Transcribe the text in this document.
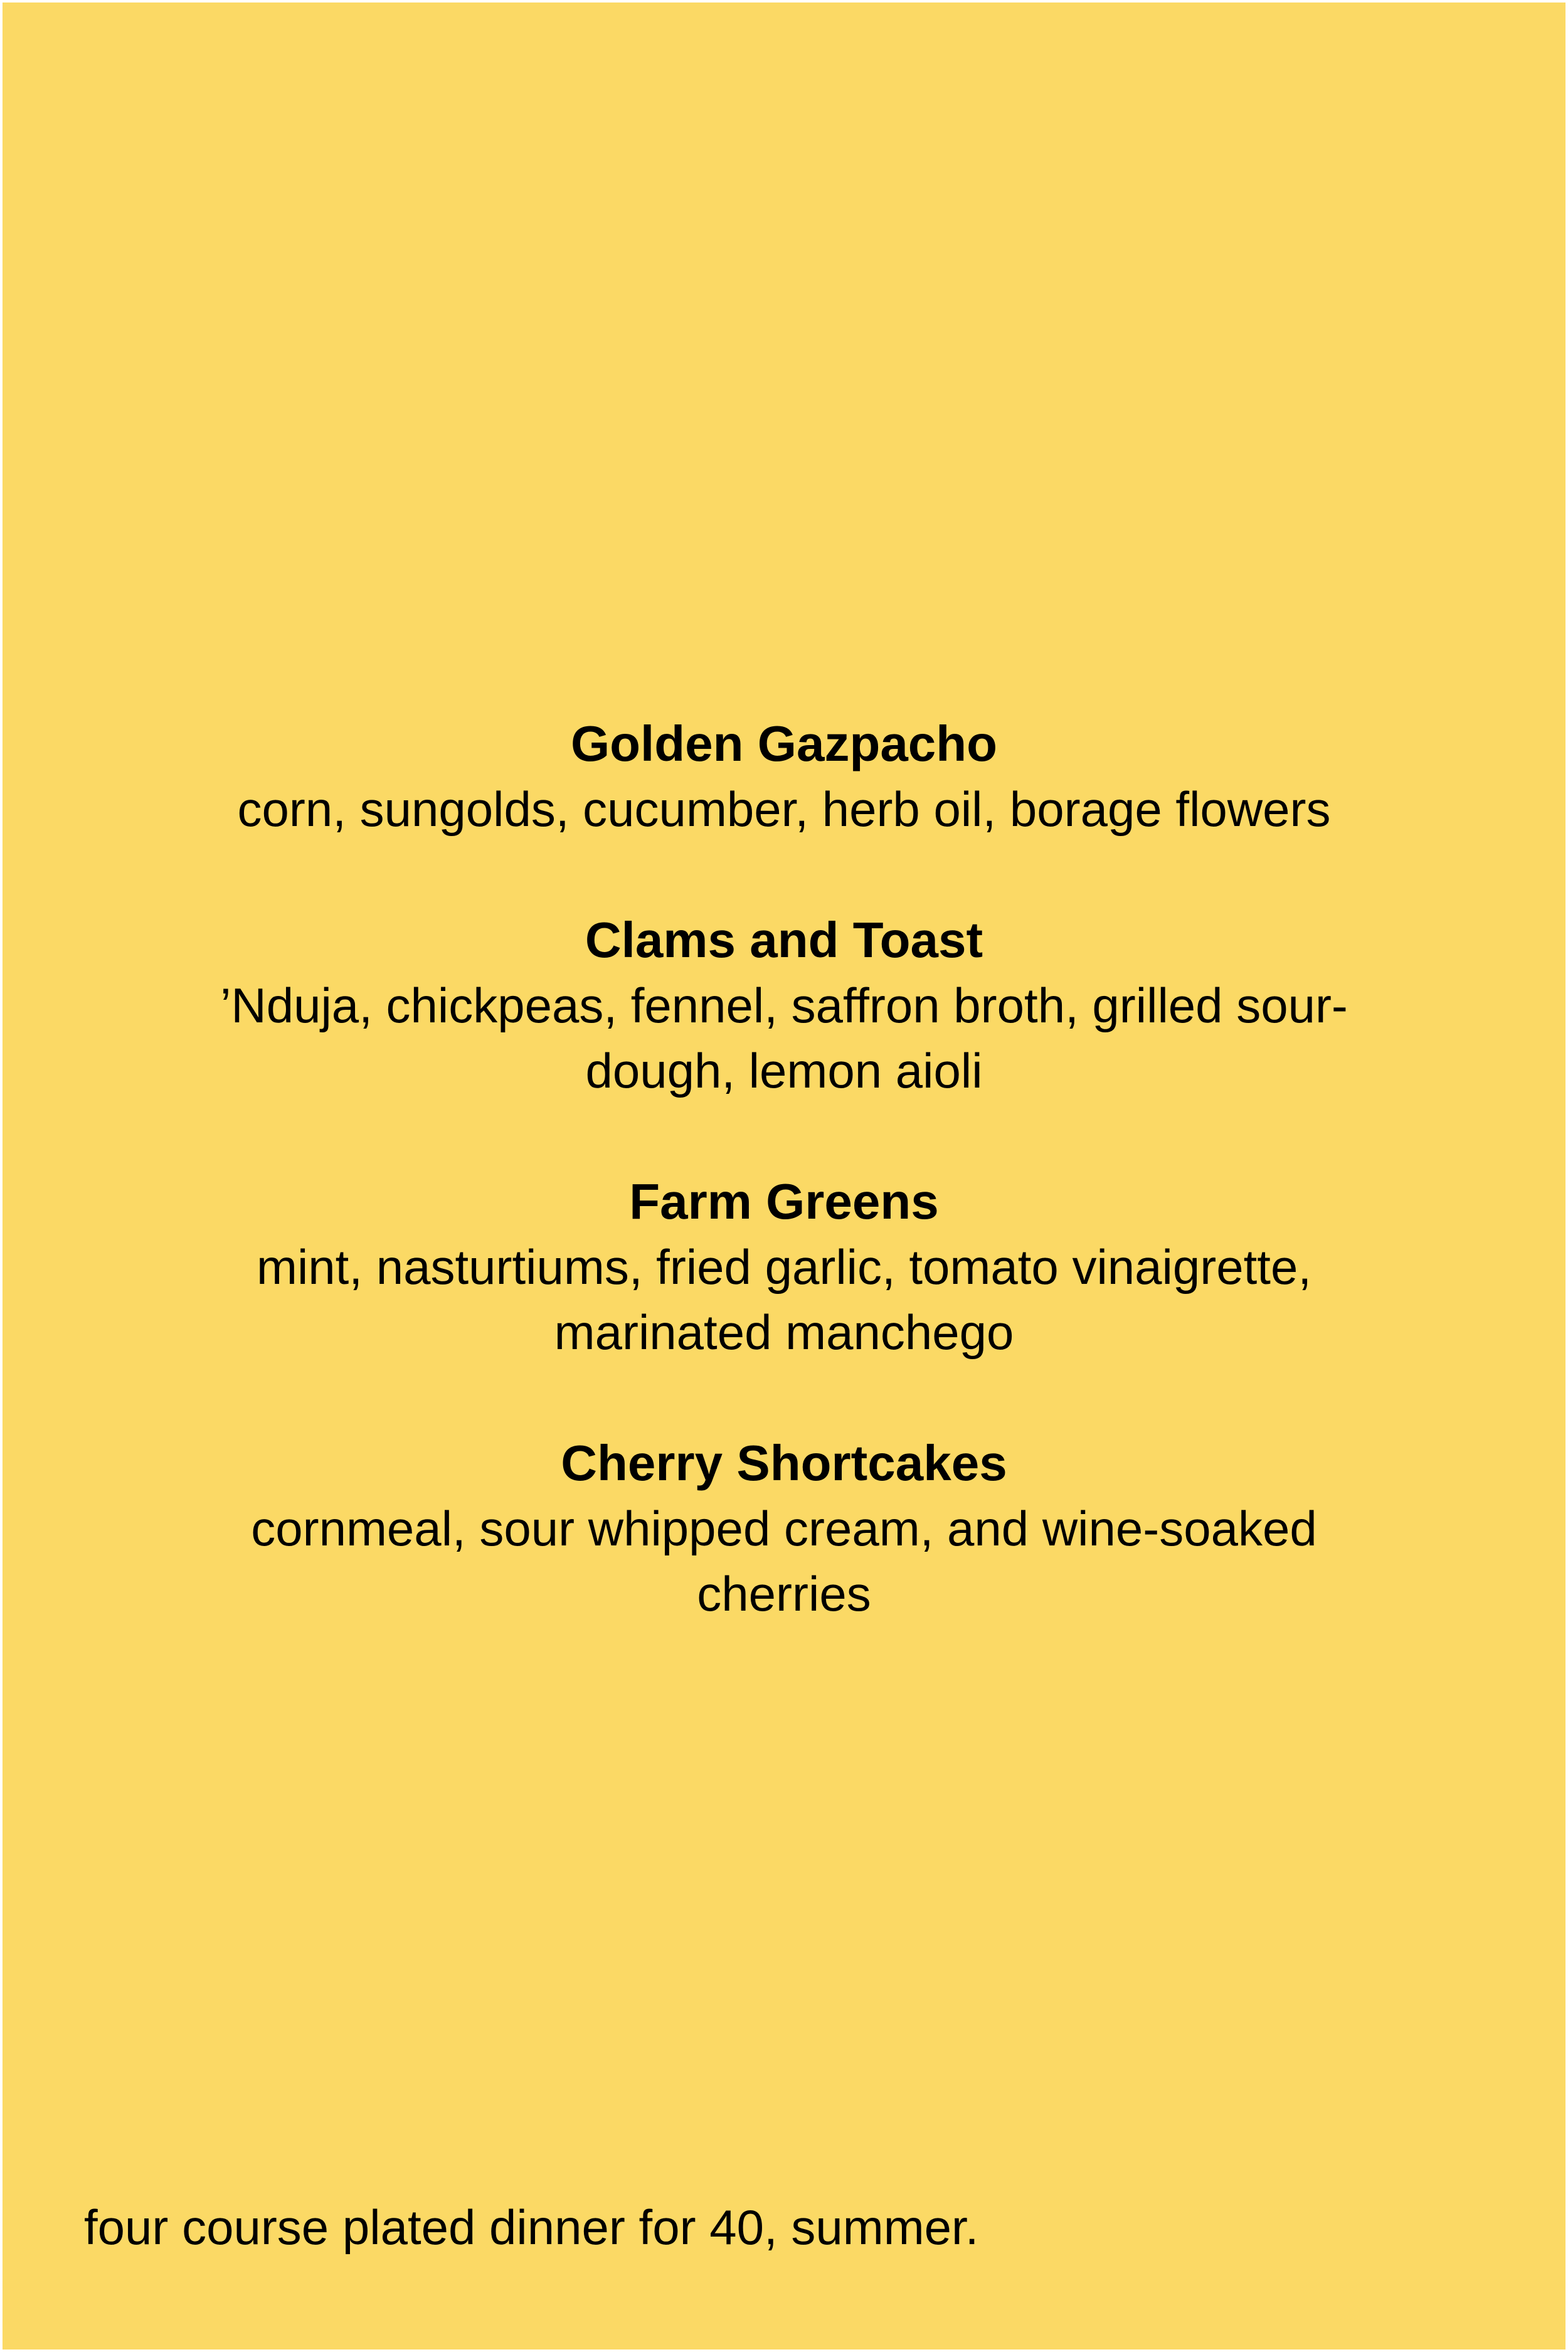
Golden Gazpacho

corn, sungolds, cucumber, herb oil, borage flowers

Clams and Toast

’Nduja, chickpeas, fennel, saffron broth, grilled sour-

dough, lemon aioli

Farm Greens

mint, nasturtiums, fried garlic, tomato vinaigrette,

marinated manchego

Cherry Shortcakes

cornmeal, sour whipped cream, and wine-soaked

cherries

four course plated dinner for 40, summer.
